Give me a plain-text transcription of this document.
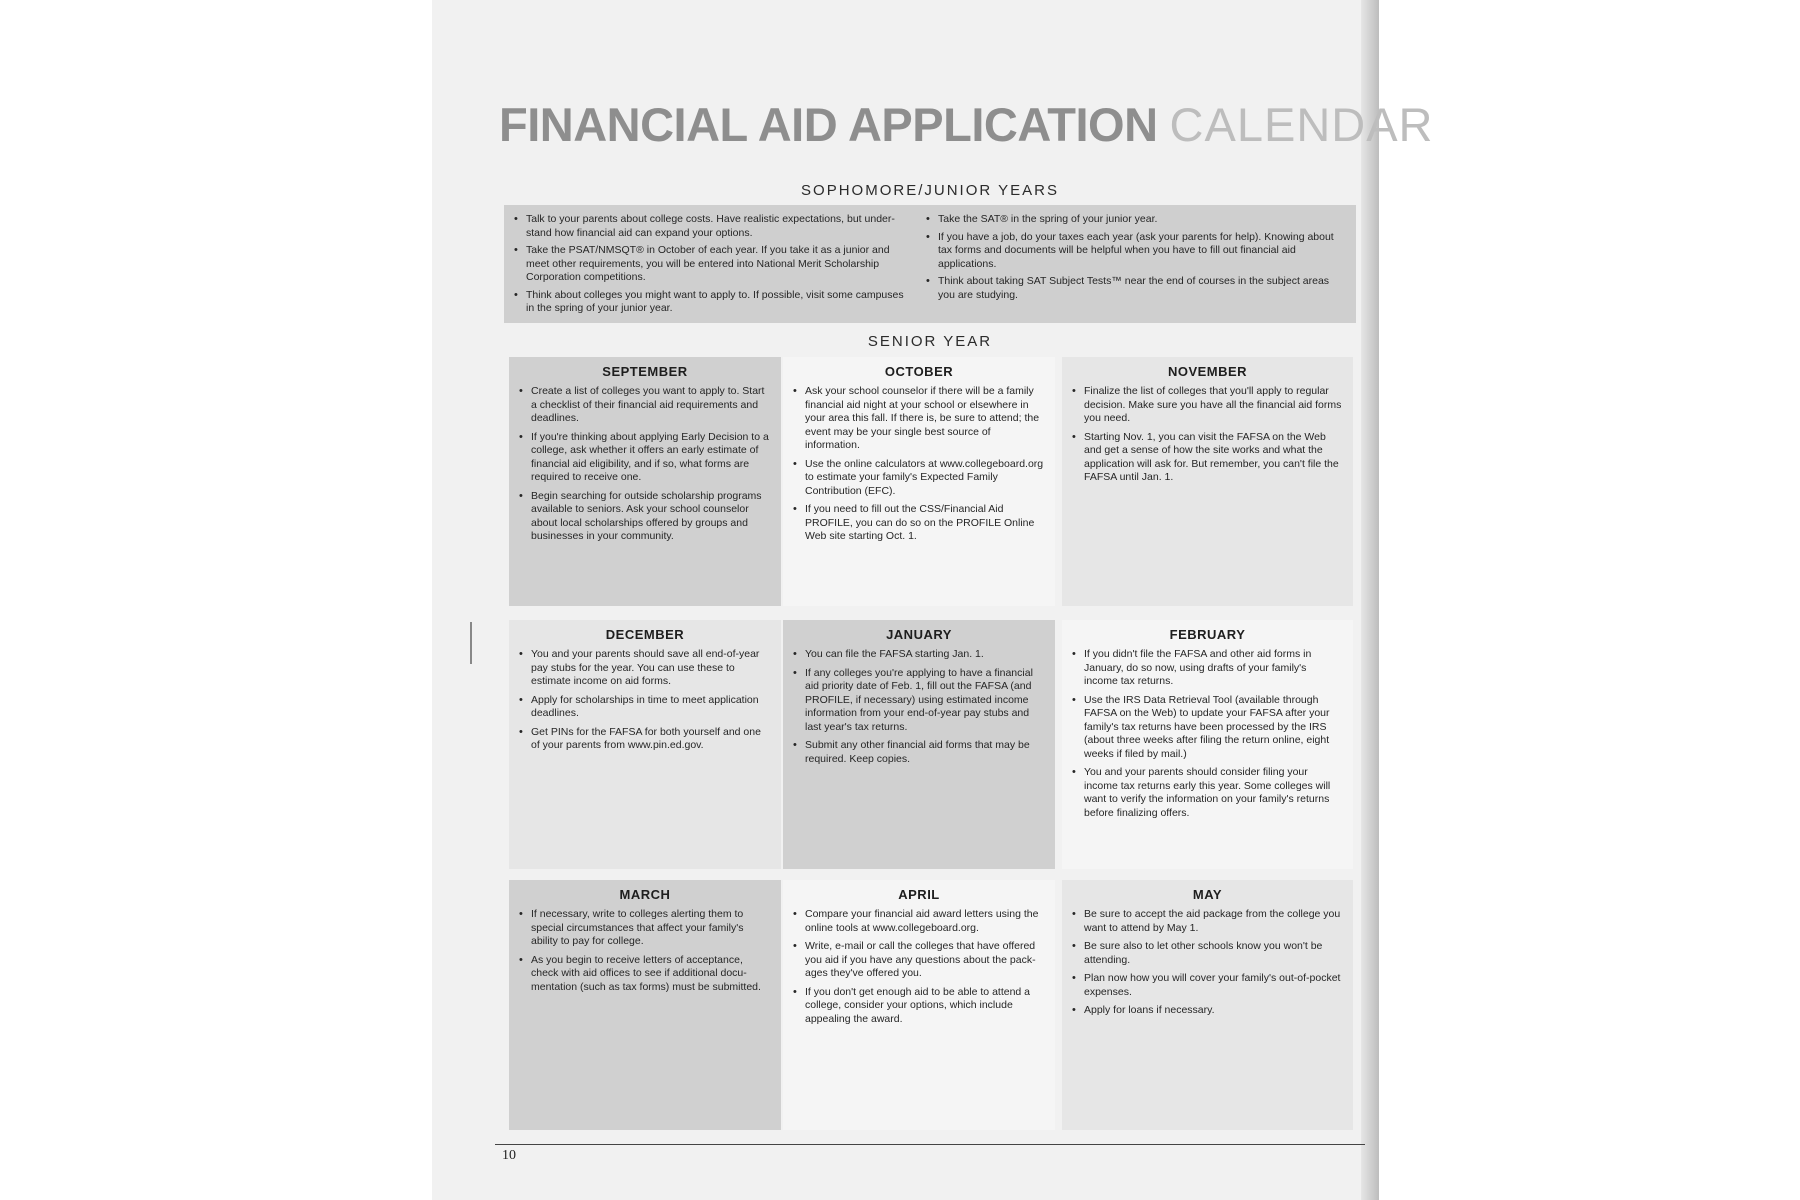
FINANCIAL AID APPLICATION CALENDAR
SOPHOMORE/JUNIOR YEARS
• Talk to your parents about college costs. Have realistic expectations, but under-stand how financial aid can expand your options.
• Take the PSAT/NMSQT® in October of each year. If you take it as a junior and meet other requirements, you will be entered into National Merit Scholarship Corporation competitions.
• Think about colleges you might want to apply to. If possible, visit some campuses in the spring of your junior year.
• Take the SAT® in the spring of your junior year.
• If you have a job, do your taxes each year (ask your parents for help). Knowing about tax forms and documents will be helpful when you have to fill out financial aid applications.
• Think about taking SAT Subject Tests™ near the end of courses in the subject areas you are studying.
SENIOR YEAR
SEPTEMBER
• Create a list of colleges you want to apply to. Start a checklist of their financial aid requirements and deadlines.
• If you're thinking about applying Early Decision to a college, ask whether it offers an early estimate of financial aid eligibility, and if so, what forms are required to receive one.
• Begin searching for outside scholarship programs available to seniors. Ask your school counselor about local scholarships offered by groups and businesses in your community.
OCTOBER
• Ask your school counselor if there will be a family financial aid night at your school or elsewhere in your area this fall. If there is, be sure to attend; the event may be your single best source of information.
• Use the online calculators at www.collegeboard.org to estimate your family's Expected Family Contribution (EFC).
• If you need to fill out the CSS/Financial Aid PROFILE, you can do so on the PROFILE Online Web site starting Oct. 1.
NOVEMBER
• Finalize the list of colleges that you'll apply to regular decision. Make sure you have all the financial aid forms you need.
• Starting Nov. 1, you can visit the FAFSA on the Web and get a sense of how the site works and what the application will ask for. But remember, you can't file the FAFSA until Jan. 1.
DECEMBER
• You and your parents should save all end-of-year pay stubs for the year. You can use these to estimate income on aid forms.
• Apply for scholarships in time to meet application deadlines.
• Get PINs for the FAFSA for both yourself and one of your parents from www.pin.ed.gov.
JANUARY
• You can file the FAFSA starting Jan. 1.
• If any colleges you're applying to have a financial aid priority date of Feb. 1, fill out the FAFSA (and PROFILE, if necessary) using estimated income information from your end-of-year pay stubs and last year's tax returns.
• Submit any other financial aid forms that may be required. Keep copies.
FEBRUARY
• If you didn't file the FAFSA and other aid forms in January, do so now, using drafts of your family's income tax returns.
• Use the IRS Data Retrieval Tool (available through FAFSA on the Web) to update your FAFSA after your family's tax returns have been processed by the IRS (about three weeks after filing the return online, eight weeks if filed by mail.)
• You and your parents should consider filing your income tax returns early this year. Some colleges will want to verify the information on your family's returns before finalizing offers.
MARCH
• If necessary, write to colleges alerting them to special circumstances that affect your family's ability to pay for college.
• As you begin to receive letters of acceptance, check with aid offices to see if additional docu-mentation (such as tax forms) must be submitted.
APRIL
• Compare your financial aid award letters using the online tools at www.collegeboard.org.
• Write, e-mail or call the colleges that have offered you aid if you have any questions about the pack-ages they've offered you.
• If you don't get enough aid to be able to attend a college, consider your options, which include appealing the award.
MAY
• Be sure to accept the aid package from the college you want to attend by May 1.
• Be sure also to let other schools know you won't be attending.
• Plan now how you will cover your family's out-of-pocket expenses.
• Apply for loans if necessary.
10
